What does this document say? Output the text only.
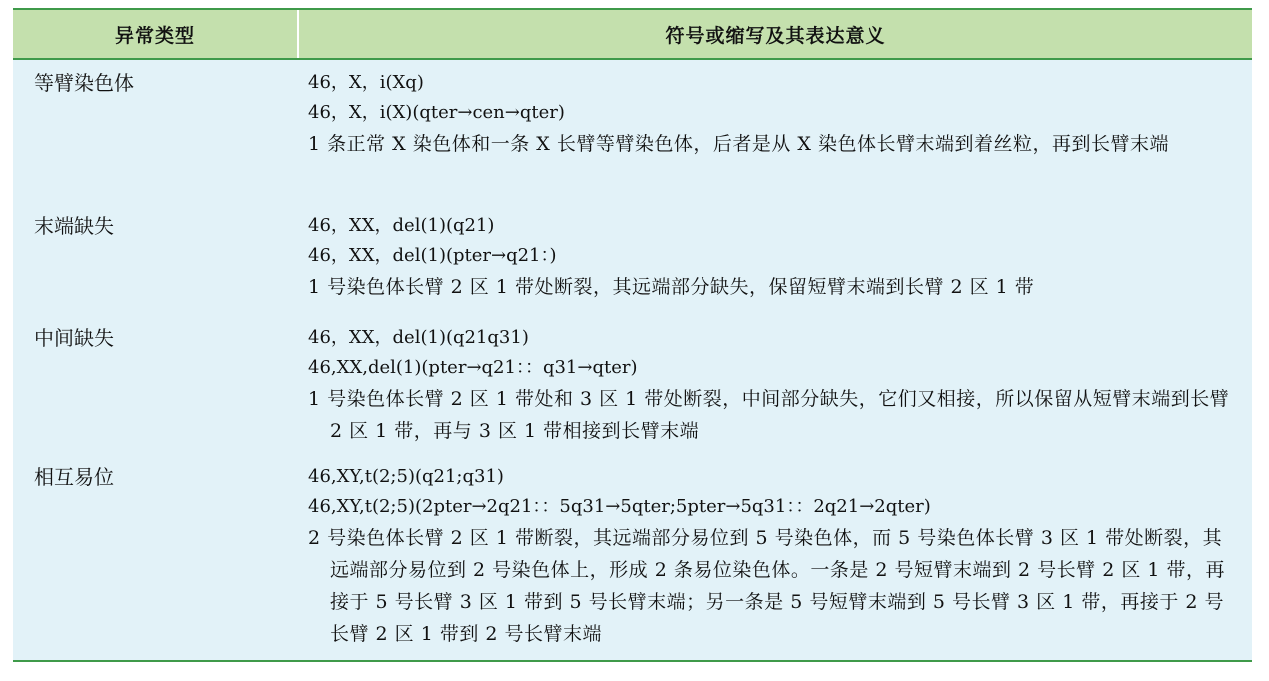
异常类型	符号或缩写及其表达意义
等臂染色体	46，X，i(Xq)
46，X，i(X)(qter→cen→qter)
1 条正常 X 染色体和一条 X 长臂等臂染色体，后者是从 X 染色体长臂末端到着丝粒，再到长臂末端
末端缺失	46，XX，del(1)(q21)
46，XX，del(1)(pter→q21：)
1 号染色体长臂 2 区 1 带处断裂，其远端部分缺失，保留短臂末端到长臂 2 区 1 带
中间缺失	46，XX，del(1)(q21q31)
46,XX,del(1)(pter→q21：：q31→qter)
1 号染色体长臂 2 区 1 带处和 3 区 1 带处断裂，中间部分缺失，它们又相接，所以保留从短臂末端到长臂 2 区 1 带，再与 3 区 1 带相接到长臂末端
相互易位	46,XY,t(2;5)(q21;q31)
46,XY,t(2;5)(2pter→2q21：：5q31→5qter;5pter→5q31：：2q21→2qter)
2 号染色体长臂 2 区 1 带断裂，其远端部分易位到 5 号染色体，而 5 号染色体长臂 3 区 1 带处断裂，其远端部分易位到 2 号染色体上，形成 2 条易位染色体。一条是 2 号短臂末端到 2 号长臂 2 区 1 带，再接于 5 号长臂 3 区 1 带到 5 号长臂末端；另一条是 5 号短臂末端到 5 号长臂 3 区 1 带，再接于 2 号长臂 2 区 1 带到 2 号长臂末端
